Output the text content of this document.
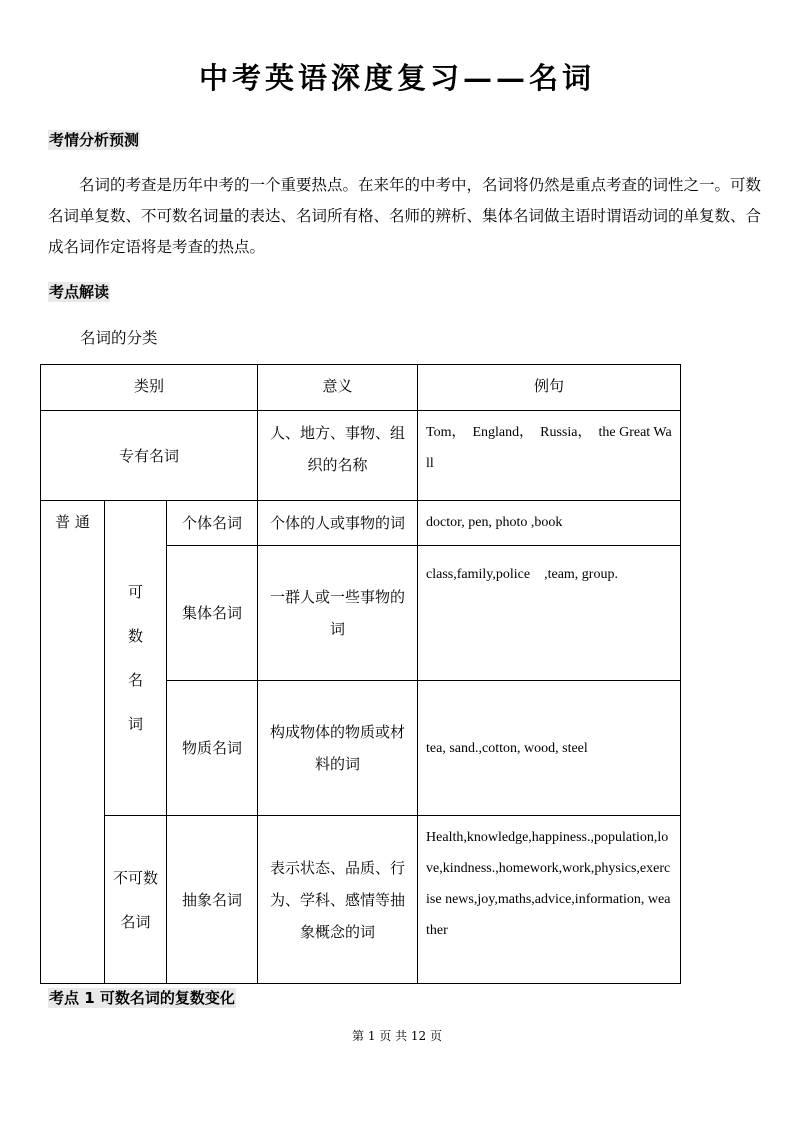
中考英语深度复习——名词
考情分析预测

名词的考查是历年中考的一个重要热点。在来年的中考中，名词将仍然是重点考查的词性之一。可数名词单复数、不可数名词量的表达、名词所有格、名师的辨析、集体名词做主语时谓语动词的单复数、合成名词作定语将是考查的热点。

考点解读

名词的分类

类别			意义	例句
专有名词			人、地方、事物、组织的名称	Tom，　England，　Russia，　the Great Wall
普 通	可 数 名 词	个体名词	个体的人或事物的词	doctor, pen, photo ,book
		集体名词	一群人或一些事物的词	class,family,police　,team, group.
		物质名词	构成物体的物质或材料的词	tea, sand.,cotton, wood, steel
	不可数名词	抽象名词	表示状态、品质、行为、学科、感情等抽象概念的词	Health,knowledge,happiness.,population,love,kindness.,homework,work,physics,exercise news,joy,maths,advice,information, weather
考点 1 可数名词的复数变化

第 1 页 共 12 页
